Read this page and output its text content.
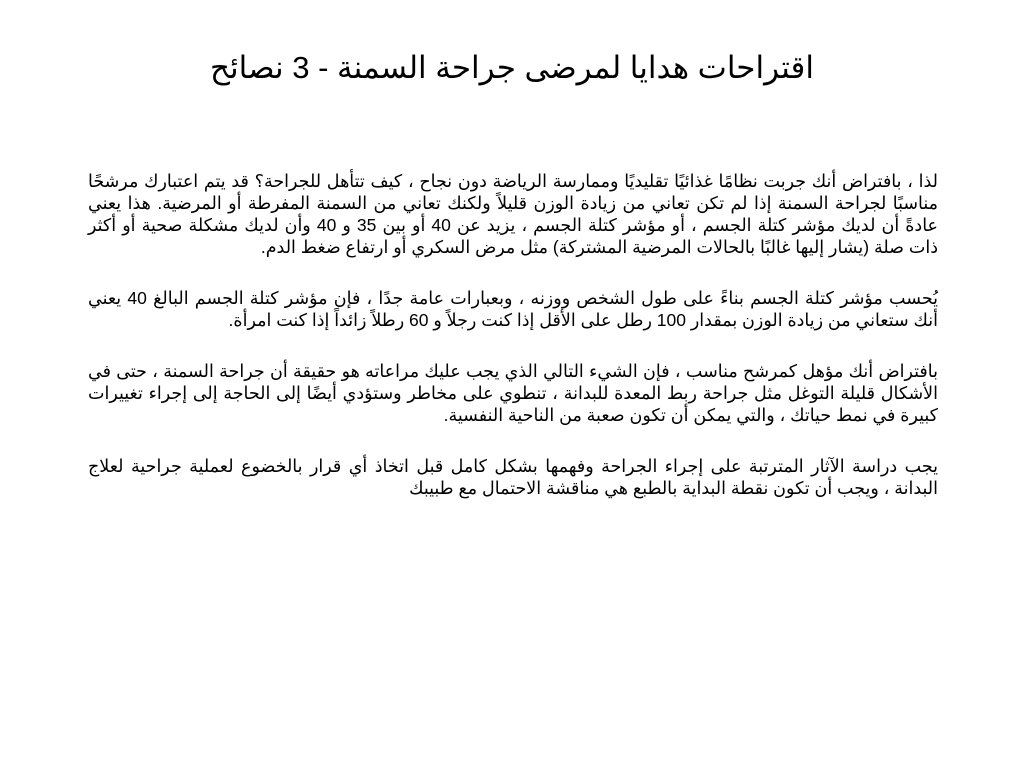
اقتراحات هدايا لمرضى جراحة السمنة - 3 نصائح

لذا ، بافتراض أنك جربت نظامًا غذائيًا تقليديًا وممارسة الرياضة دون نجاح ، كيف تتأهل للجراحة؟ قد يتم اعتبارك مرشحًا مناسبًا لجراحة السمنة إذا لم تكن تعاني من زيادة الوزن قليلاً ولكنك تعاني من السمنة المفرطة أو المرضية. هذا يعني عادةً أن لديك مؤشر كتلة الجسم ، أو مؤشر كتلة الجسم ، يزيد عن 40 أو بين 35 و 40 وأن لديك مشكلة صحية أو أكثر ذات صلة (يشار إليها غالبًا بالحالات المرضية المشتركة) مثل مرض السكري أو ارتفاع ضغط الدم.

يُحسب مؤشر كتلة الجسم بناءً على طول الشخص ووزنه ، وبعبارات عامة جدًا ، فإن مؤشر كتلة الجسم البالغ 40 يعني أنك ستعاني من زيادة الوزن بمقدار 100 رطل على الأقل إذا كنت رجلاً و 60 رطلاً زائداً إذا كنت امرأة.

بافتراض أنك مؤهل كمرشح مناسب ، فإن الشيء التالي الذي يجب عليك مراعاته هو حقيقة أن جراحة السمنة ، حتى في الأشكال قليلة التوغل مثل جراحة ربط المعدة للبدانة ، تنطوي على مخاطر وستؤدي أيضًا إلى الحاجة إلى إجراء تغييرات كبيرة في نمط حياتك ، والتي يمكن أن تكون صعبة من الناحية النفسية.

يجب دراسة الآثار المترتبة على إجراء الجراحة وفهمها بشكل كامل قبل اتخاذ أي قرار بالخضوع لعملية جراحية لعلاج البدانة ، ويجب أن تكون نقطة البداية بالطبع هي مناقشة الاحتمال مع طبيبك
